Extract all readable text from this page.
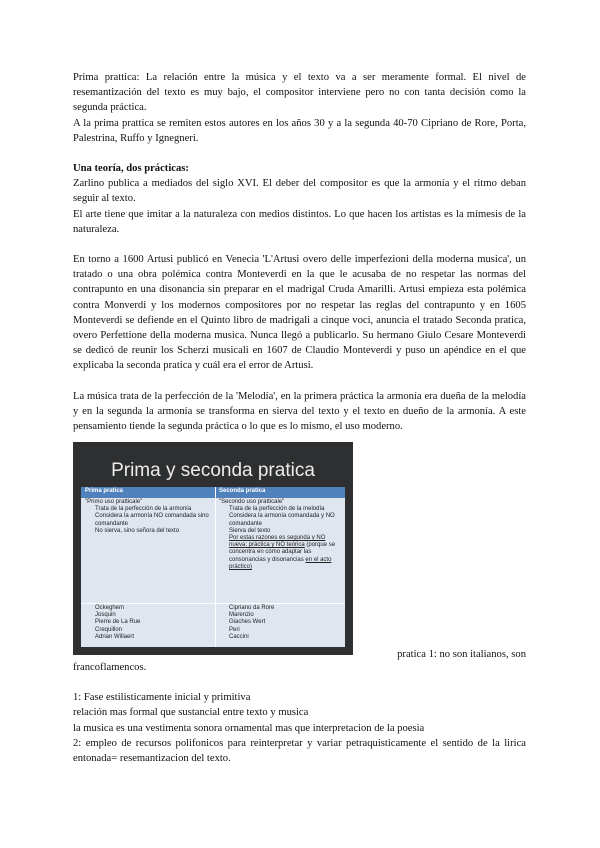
Prima prattica: La relación entre la música y el texto va a ser meramente formal. El nivel de resemantización del texto es muy bajo, el compositor interviene pero no con tanta decisión como la segunda práctica.

A la prima prattica se remiten estos autores en los años 30 y a la segunda 40-70 Cipriano de Rore, Porta, Palestrina, Ruffo y Ignegneri.

Una teoría, dos prácticas:

Zarlino publica a mediados del siglo XVI. El deber del compositor es que la armonía y el ritmo deban seguir al texto.

El arte tiene que imitar a la naturaleza con medios distintos. Lo que hacen los artistas es la mímesis de la naturaleza.

En torno a 1600 Artusi publicó en Venecia 'L'Artusi overo delle imperfezioni della moderna musica', un tratado o una obra polémica contra Monteverdi en la que le acusaba de no respetar las normas del contrapunto en una disonancia sin preparar en el madrigal Cruda Amarilli. Artusi empieza esta polémica contra Monverdi y los modernos compositores por no respetar las reglas del contrapunto y en 1605 Monteverdi se defiende en el Quinto libro de madrigali a cinque voci, anuncia el tratado Seconda pratica, overo Perfettione della moderna musica. Nunca llegó a publicarlo. Su hermano Giulo Cesare Monteverdi se dedicó de reunir los Scherzi musicali en 1607 de Claudio Monteverdi y puso un apéndice en el que explicaba la seconda pratica y cuál era el error de Artusi.

La música trata de la perfección de la 'Melodía', en la primera práctica la armonía era dueña de la melodía y en la segunda la armonía se transforma en sierva del texto y el texto en dueño de la armonía. A este pensamiento tiende la segunda práctica o lo que es lo mismo, el uso moderno.

Prima y seconda pratica
Prima pratica	Seconda pratica
"Primo uso pratticale"
Trata de la perfección de la armonía
Considera la armonía NO comandada sino comandante
No sierva, sino señora del texto
Ockeghem
Josquin
Pierre de La Rue
Crequillon
Adrian Willaert
"Secondo uso pratticale"
Trata de la perfección de la melodía
Considera la armonía comandada y NO comandante
Sierva del texto
Por estas razones es segunda y NO nueva: práctica y NO teórica (porque se concentra en cómo adaptar las consonancias y disonancias en el acto práctico)
Cipriano da Rore
Marenzio
Giaches Wert
Peri
Caccini
pratica 1: no son italianos, son

francoflamencos.

1: Fase estilisticamente inicial y primitiva

relación mas formal que sustancial entre texto y musica

la musica es una vestimenta sonora ornamental mas que interpretacion de la poesia

2: empleo de recursos polifonicos para reinterpretar y variar petraquisticamente el sentido de la lirica entonada= resemantizacion del texto.
